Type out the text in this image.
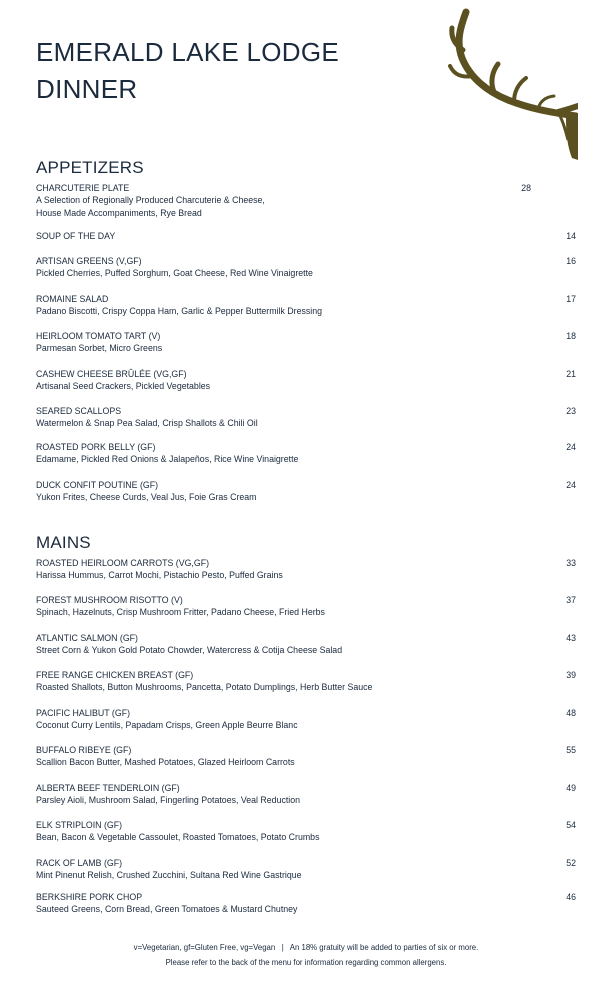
EMERALD LAKE LODGE
DINNER
APPETIZERS
CHARCUTERIE PLATE
A Selection of Regionally Produced Charcuterie & Cheese,
House Made Accompaniments, Rye Bread
28
SOUP OF THE DAY	14
ARTISAN GREENS (V,GF)
Pickled Cherries, Puffed Sorghum, Goat Cheese, Red Wine Vinaigrette
16
ROMAINE SALAD
Padano Biscotti, Crispy Coppa Ham, Garlic & Pepper Buttermilk Dressing
17
HEIRLOOM TOMATO TART (V)
Parmesan Sorbet, Micro Greens
18
CASHEW CHEESE BRÛLÉE (VG,GF)
Artisanal Seed Crackers, Pickled Vegetables
21
SEARED SCALLOPS
Watermelon & Snap Pea Salad, Crisp Shallots & Chili Oil
23
ROASTED PORK BELLY (GF)
Edamame, Pickled Red Onions & Jalapeños, Rice Wine Vinaigrette
24
DUCK CONFIT POUTINE (GF)
Yukon Frites, Cheese Curds, Veal Jus, Foie Gras Cream
24
MAINS
ROASTED HEIRLOOM CARROTS (VG,GF)
Harissa Hummus, Carrot Mochi, Pistachio Pesto, Puffed Grains
33
FOREST MUSHROOM RISOTTO (V)
Spinach, Hazelnuts, Crisp Mushroom Fritter, Padano Cheese, Fried Herbs
37
ATLANTIC SALMON (GF)
Street Corn & Yukon Gold Potato Chowder, Watercress & Cotija Cheese Salad
43
FREE RANGE CHICKEN BREAST (GF)
Roasted Shallots, Button Mushrooms, Pancetta, Potato Dumplings, Herb Butter Sauce
39
PACIFIC HALIBUT (GF)
Coconut Curry Lentils, Papadam Crisps, Green Apple Beurre Blanc
48
BUFFALO RIBEYE (GF)
Scallion Bacon Butter, Mashed Potatoes, Glazed Heirloom Carrots
55
ALBERTA BEEF TENDERLOIN (GF)
Parsley Aioli, Mushroom Salad, Fingerling Potatoes, Veal Reduction
49
ELK STRIPLOIN (GF)
Bean, Bacon & Vegetable Cassoulet, Roasted Tomatoes, Potato Crumbs
54
RACK OF LAMB (GF)
Mint Pinenut Relish, Crushed Zucchini, Sultana Red Wine Gastrique
52
BERKSHIRE PORK CHOP
Sauteed Greens, Corn Bread, Green Tomatoes & Mustard Chutney
46
v=Vegetarian, gf=Gluten Free, vg=Vegan   |   An 18% gratuity will be added to parties of six or more.
Please refer to the back of the menu for information regarding common allergens.
